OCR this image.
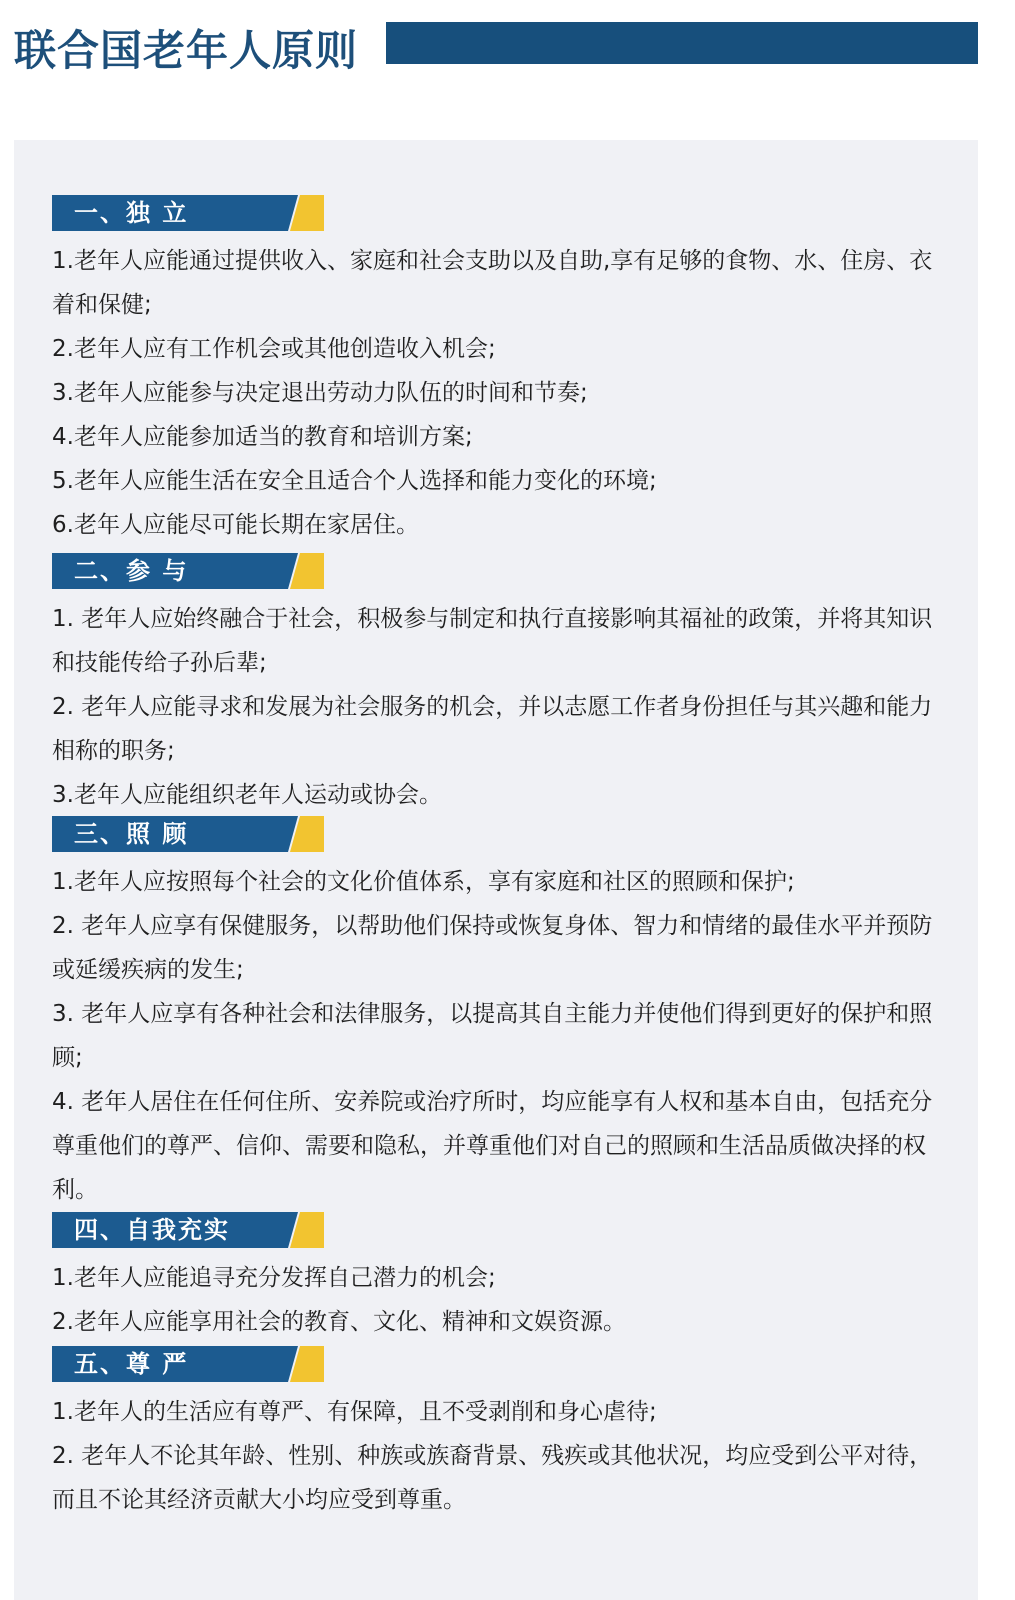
联合国老年人原则
一、独 立
1.老年人应能通过提供收入、家庭和社会支助以及自助,享有足够的食物、水、住房、衣着和保健;
2.老年人应有工作机会或其他创造收入机会;
3.老年人应能参与决定退出劳动力队伍的时间和节奏;
4.老年人应能参加适当的教育和培训方案;
5.老年人应能生活在安全且适合个人选择和能力变化的环境;
6.老年人应能尽可能长期在家居住。
二、参 与
1. 老年人应始终融合于社会，积极参与制定和执行直接影响其福祉的政策，并将其知识和技能传给子孙后辈;
2. 老年人应能寻求和发展为社会服务的机会，并以志愿工作者身份担任与其兴趣和能力相称的职务;
3.老年人应能组织老年人运动或协会。
三、照 顾
1.老年人应按照每个社会的文化价值体系，享有家庭和社区的照顾和保护;
2. 老年人应享有保健服务，以帮助他们保持或恢复身体、智力和情绪的最佳水平并预防或延缓疾病的发生;
3. 老年人应享有各种社会和法律服务，以提高其自主能力并使他们得到更好的保护和照顾;
4. 老年人居住在任何住所、安养院或治疗所时，均应能享有人权和基本自由，包括充分尊重他们的尊严、信仰、需要和隐私，并尊重他们对自己的照顾和生活品质做决择的权利。
四、自我充实
1.老年人应能追寻充分发挥自己潜力的机会;
2.老年人应能享用社会的教育、文化、精神和文娱资源。
五、尊 严
1.老年人的生活应有尊严、有保障，且不受剥削和身心虐待;
2. 老年人不论其年龄、性别、种族或族裔背景、残疾或其他状况，均应受到公平对待，而且不论其经济贡献大小均应受到尊重。
